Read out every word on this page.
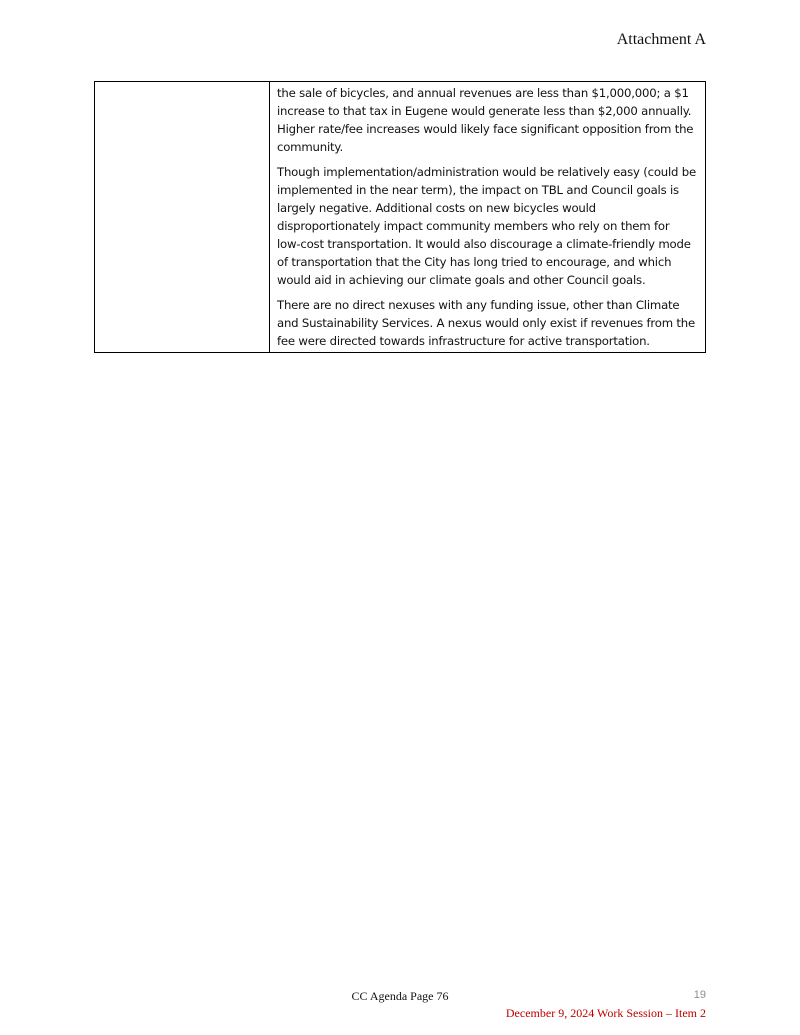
Attachment A

the sale of bicycles, and annual revenues are less than $1,000,000; a $1 increase to that tax in Eugene would generate less than $2,000 annually. Higher rate/fee increases would likely face significant opposition from the community.

Though implementation/administration would be relatively easy (could be implemented in the near term), the impact on TBL and Council goals is largely negative. Additional costs on new bicycles would disproportionately impact community members who rely on them for low-cost transportation. It would also discourage a climate-friendly mode of transportation that the City has long tried to encourage, and which would aid in achieving our climate goals and other Council goals.

There are no direct nexuses with any funding issue, other than Climate and Sustainability Services. A nexus would only exist if revenues from the fee were directed towards infrastructure for active transportation.

CC Agenda Page 76	19
December 9, 2024 Work Session – Item 2
